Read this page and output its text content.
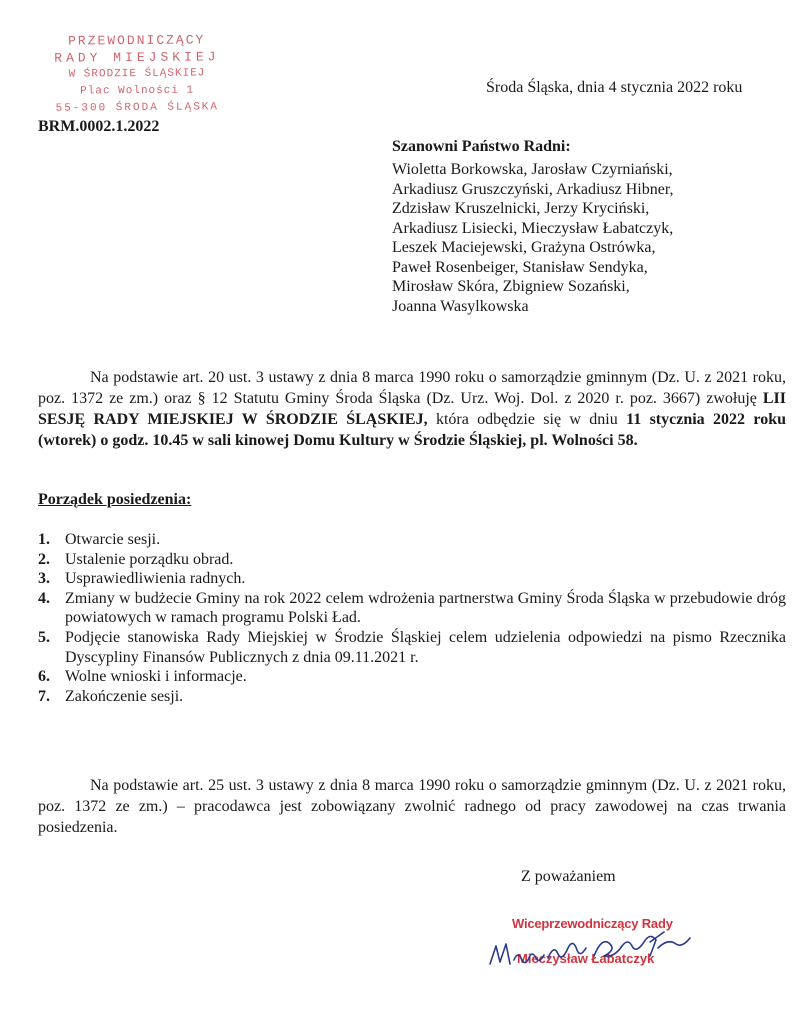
PRZEWODNICZĄCY
RADY MIEJSKIEJ
W ŚRODZIE ŚLĄSKIEJ
Plac Wolności 1
55-300 ŚRODA ŚLĄSKA
Środa Śląska, dnia 4 stycznia 2022 roku
BRM.0002.1.2022
Szanowni Państwo Radni:
Wioletta Borkowska, Jarosław Czyrniański,
Arkadiusz Gruszczyński, Arkadiusz Hibner,
Zdzisław Kruszelnicki, Jerzy Kryciński,
Arkadiusz Lisiecki, Mieczysław Łabatczyk,
Leszek Maciejewski, Grażyna Ostrówka,
Paweł Rosenbeiger, Stanisław Sendyka,
Mirosław Skóra, Zbigniew Sozański,
Joanna Wasylkowska
Na podstawie art. 20 ust. 3 ustawy z dnia 8 marca 1990 roku o samorządzie gminnym (Dz. U. z 2021 roku, poz. 1372 ze zm.) oraz § 12 Statutu Gminy Środa Śląska (Dz. Urz. Woj. Dol. z 2020 r. poz. 3667) zwołuję LII SESJĘ RADY MIEJSKIEJ W ŚRODZIE ŚLĄSKIEJ, która odbędzie się w dniu 11 stycznia 2022 roku (wtorek) o godz. 10.45 w sali kinowej Domu Kultury w Środzie Śląskiej, pl. Wolności 58.
Porządek posiedzenia:
1. Otwarcie sesji.
2. Ustalenie porządku obrad.
3. Usprawiedliwienia radnych.
4. Zmiany w budżecie Gminy na rok 2022 celem wdrożenia partnerstwa Gminy Środa Śląska w przebudowie dróg powiatowych w ramach programu Polski Ład.
5. Podjęcie stanowiska Rady Miejskiej w Środzie Śląskiej celem udzielenia odpowiedzi na pismo Rzecznika Dyscypliny Finansów Publicznych z dnia 09.11.2021 r.
6. Wolne wnioski i informacje.
7. Zakończenie sesji.
Na podstawie art. 25 ust. 3 ustawy z dnia 8 marca 1990 roku o samorządzie gminnym (Dz. U. z 2021 roku, poz. 1372 ze zm.) – pracodawca jest zobowiązany zwolnić radnego od pracy zawodowej na czas trwania posiedzenia.
Z poważaniem
Wiceprzewodniczący Rady
Mieczysław Łabatczyk
